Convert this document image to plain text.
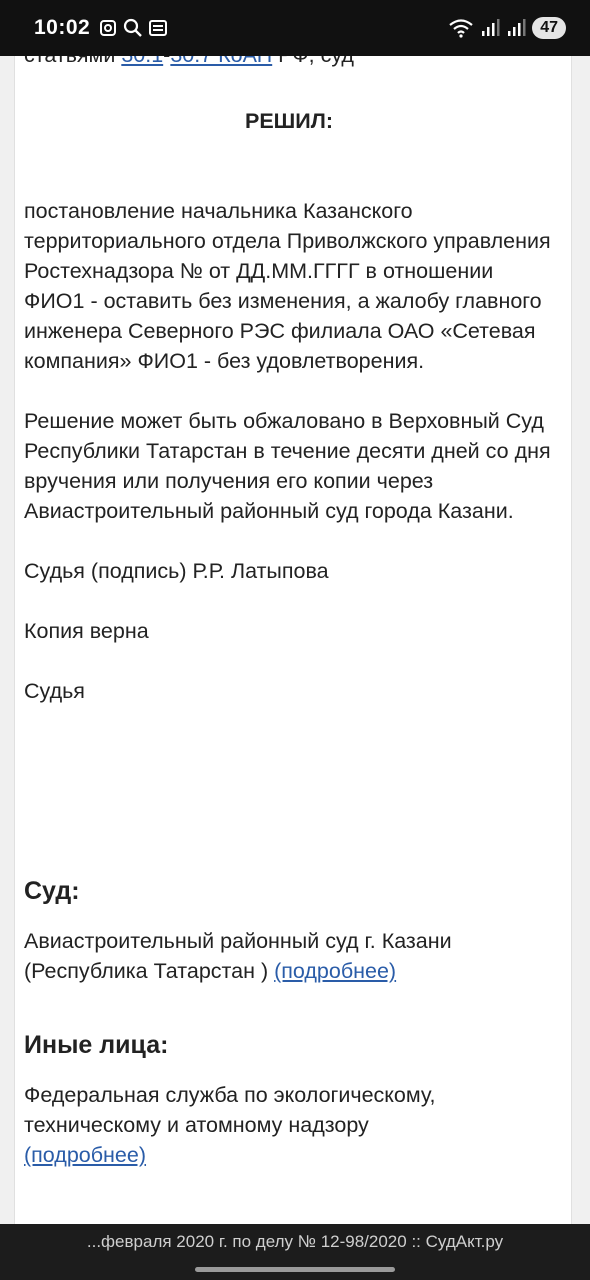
10:02	47

РЕШИЛ:

постановление начальника Казанского территориального отдела Приволжского управления Ростехнадзора № от ДД.ММ.ГГГГ в отношении ФИО1 - оставить без изменения, а жалобу главного инженера Северного РЭС филиала ОАО «Сетевая компания» ФИО1 - без удовлетворения.

Решение может быть обжаловано в Верховный Суд Республики Татарстан в течение десяти дней со дня вручения или получения его копии через Авиастроительный районный суд города Казани.

Судья (подпись) Р.Р. Латыпова

Копия верна

Судья

Суд:

Авиастроительный районный суд г. Казани (Республика Татарстан ) (подробнее)

Иные лица:

Федеральная служба по экологическому, техническому и атомному надзору
(подробнее)

...февраля 2020 г. по делу № 12-98/2020 :: СудАкт.ру
